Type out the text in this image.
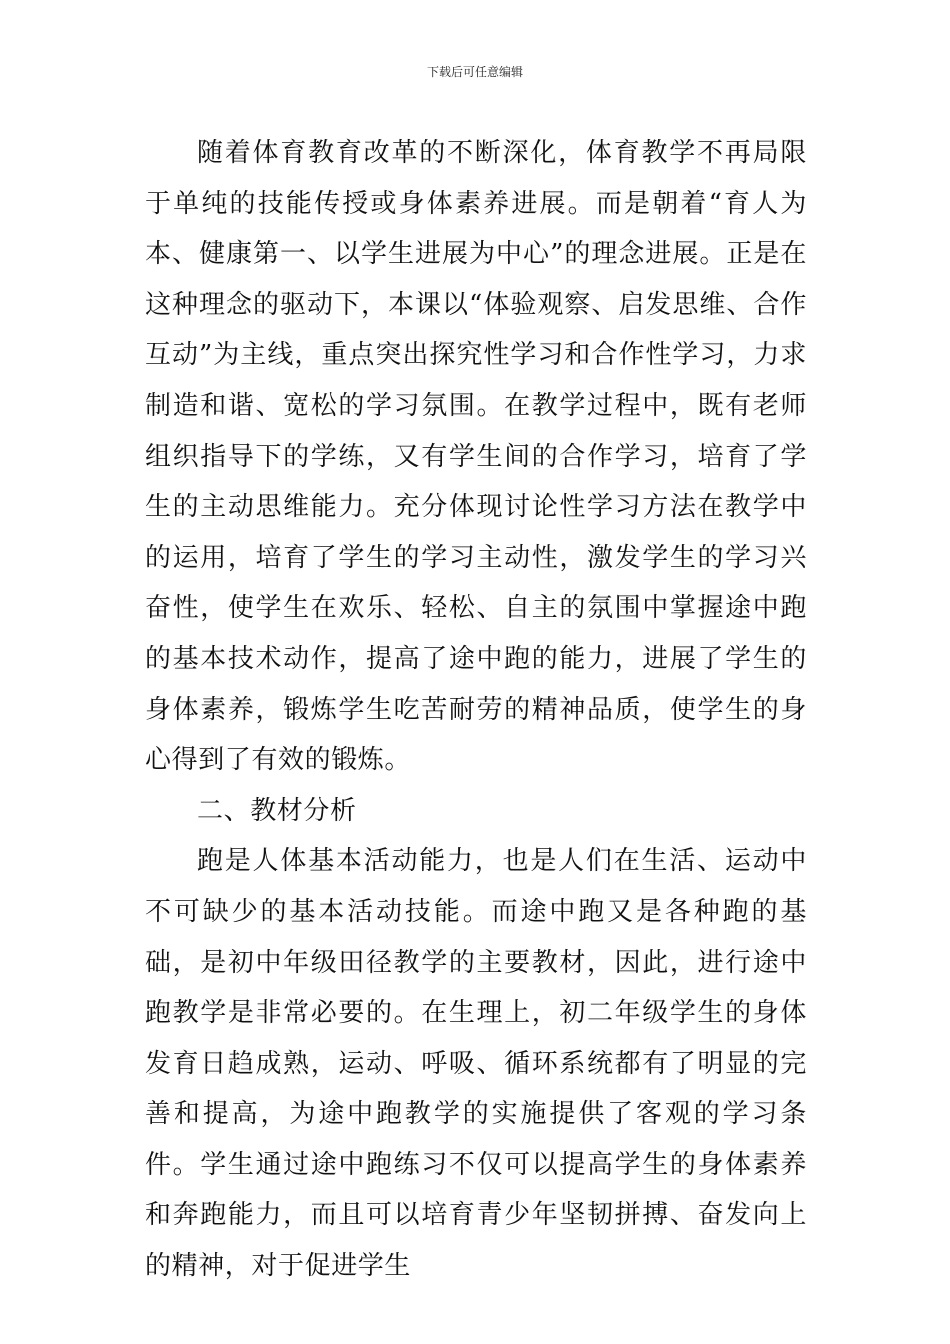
下载后可任意编辑

随着体育教育改革的不断深化，体育教学不再局限于单纯的技能传授或身体素养进展。而是朝着“育人为本、健康第一、以学生进展为中心”的理念进展。正是在这种理念的驱动下，本课以“体验观察、启发思维、合作互动”为主线，重点突出探究性学习和合作性学习，力求制造和谐、宽松的学习氛围。在教学过程中，既有老师组织指导下的学练，又有学生间的合作学习，培育了学生的主动思维能力。充分体现讨论性学习方法在教学中的运用，培育了学生的学习主动性，激发学生的学习兴奋性，使学生在欢乐、轻松、自主的氛围中掌握途中跑的基本技术动作，提高了途中跑的能力，进展了学生的身体素养，锻炼学生吃苦耐劳的精神品质，使学生的身心得到了有效的锻炼。

二、教材分析

跑是人体基本活动能力，也是人们在生活、运动中不可缺少的基本活动技能。而途中跑又是各种跑的基础，是初中年级田径教学的主要教材，因此，进行途中跑教学是非常必要的。在生理上，初二年级学生的身体发育日趋成熟，运动、呼吸、循环系统都有了明显的完善和提高，为途中跑教学的实施提供了客观的学习条件。学生通过途中跑练习不仅可以提高学生的身体素养和奔跑能力，而且可以培育青少年坚韧拼搏、奋发向上的精神，对于促进学生
